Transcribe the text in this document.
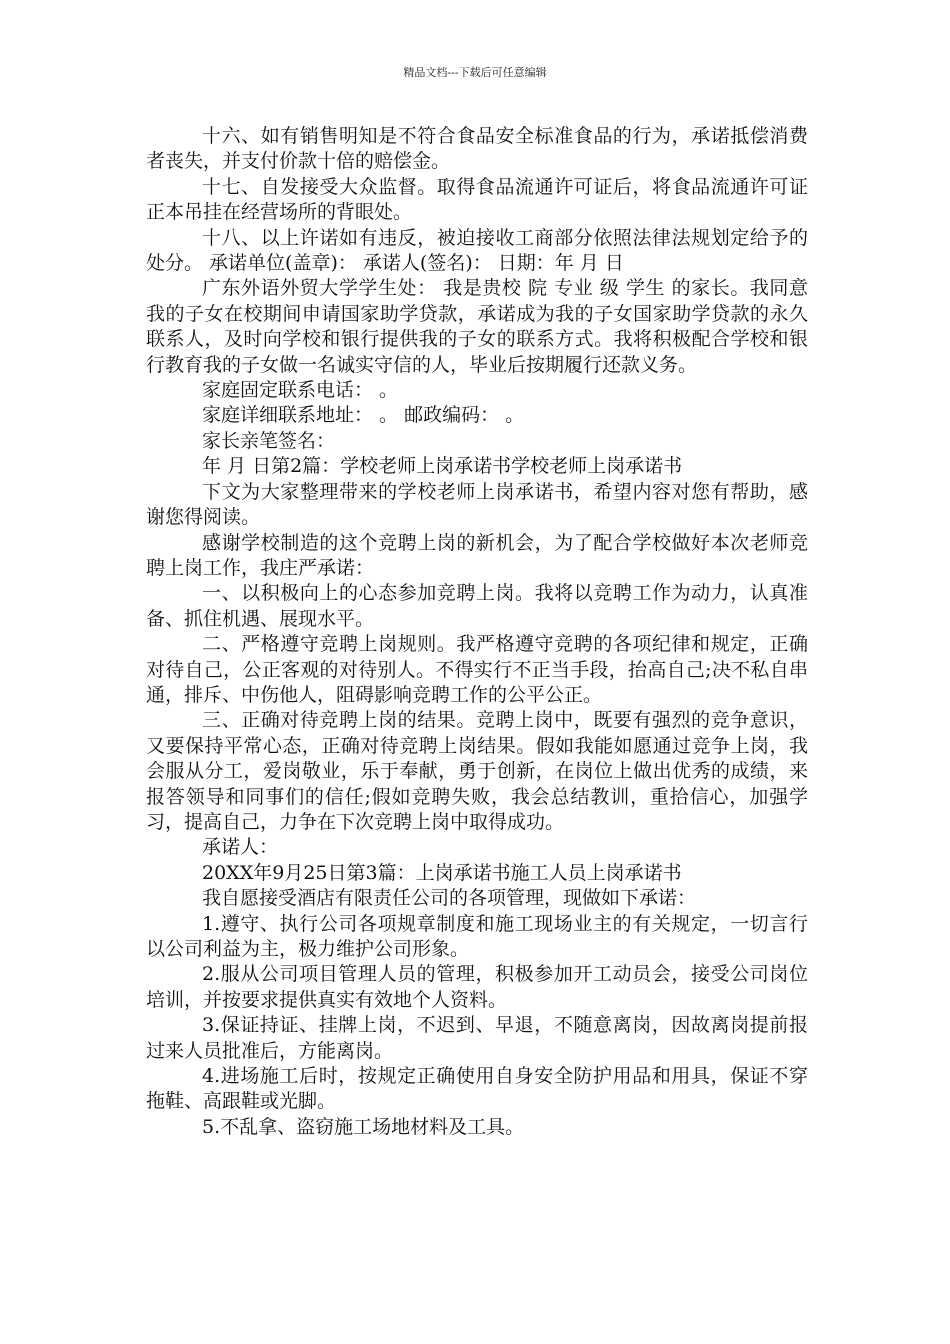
精品文档---下载后可任意编辑

十六、如有销售明知是不符合食品安全标准食品的行为，承诺抵偿消费者丧失，并支付价款十倍的赔偿金。

十七、自发接受大众监督。取得食品流通许可证后，将食品流通许可证正本吊挂在经营场所的背眼处。

十八、以上许诺如有违反，被迫接收工商部分依照法律法规划定给予的处分。 承诺单位(盖章)： 承诺人(签名)： 日期：年 月 日

广东外语外贸大学学生处： 我是贵校 院 专业 级 学生 的家长。我同意我的子女在校期间申请国家助学贷款，承诺成为我的子女国家助学贷款的永久联系人，及时向学校和银行提供我的子女的联系方式。我将积极配合学校和银行教育我的子女做一名诚实守信的人，毕业后按期履行还款义务。

家庭固定联系电话： 。

家庭详细联系地址： 。 邮政编码： 。

家长亲笔签名：

年 月 日第2篇：学校老师上岗承诺书学校老师上岗承诺书

下文为大家整理带来的学校老师上岗承诺书，希望内容对您有帮助，感谢您得阅读。

感谢学校制造的这个竞聘上岗的新机会，为了配合学校做好本次老师竞聘上岗工作，我庄严承诺：

一、以积极向上的心态参加竞聘上岗。我将以竞聘工作为动力，认真准备、抓住机遇、展现水平。

二、严格遵守竞聘上岗规则。我严格遵守竞聘的各项纪律和规定，正确对待自己，公正客观的对待别人。不得实行不正当手段，抬高自己;决不私自串通，排斥、中伤他人，阻碍影响竞聘工作的公平公正。

三、正确对待竞聘上岗的结果。竞聘上岗中，既要有强烈的竞争意识，又要保持平常心态，正确对待竞聘上岗结果。假如我能如愿通过竞争上岗，我会服从分工，爱岗敬业，乐于奉献，勇于创新，在岗位上做出优秀的成绩，来报答领导和同事们的信任;假如竞聘失败，我会总结教训，重拾信心，加强学习，提高自己，力争在下次竞聘上岗中取得成功。

承诺人：

20XX年9月25日第3篇：上岗承诺书施工人员上岗承诺书

我自愿接受酒店有限责任公司的各项管理，现做如下承诺：

1.遵守、执行公司各项规章制度和施工现场业主的有关规定，一切言行以公司利益为主，极力维护公司形象。

2.服从公司项目管理人员的管理，积极参加开工动员会，接受公司岗位培训，并按要求提供真实有效地个人资料。

3.保证持证、挂牌上岗，不迟到、早退，不随意离岗，因故离岗提前报过来人员批准后，方能离岗。

4.进场施工后时，按规定正确使用自身安全防护用品和用具，保证不穿拖鞋、高跟鞋或光脚。

5.不乱拿、盗窃施工场地材料及工具。
